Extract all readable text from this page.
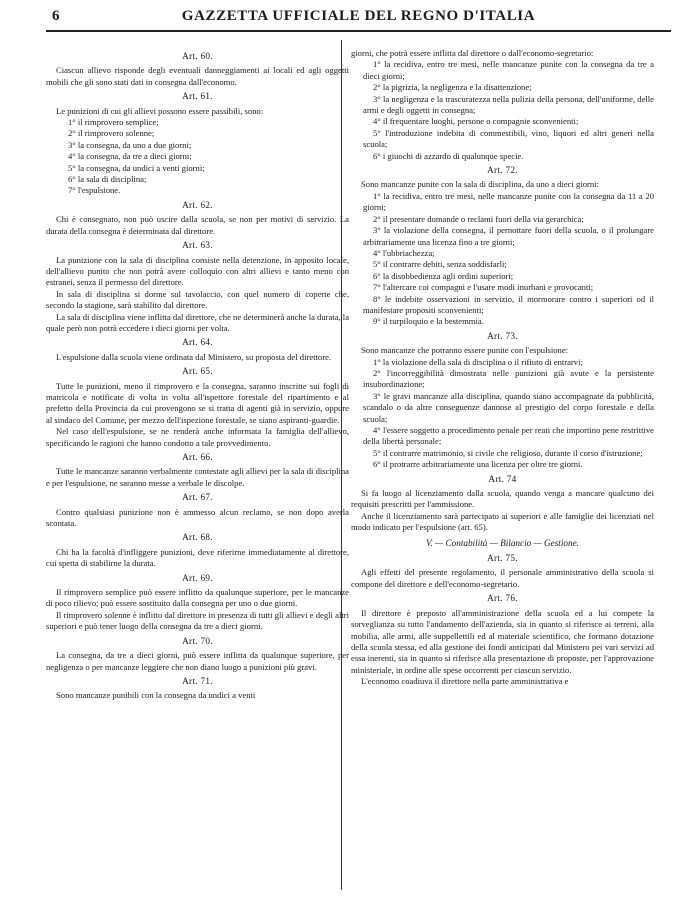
6	GAZZETTA UFFICIALE DEL REGNO D'ITALIA
Art. 60.

Ciascun allievo risponde degli eventuali danneggiamenti ai locali ed agli oggetti mobili che gli sono stati dati in consegna dall'economo.

Art. 61.

Le punizioni di cui gli allievi possono essere passibili, sono:

1° il rimprovero semplice;

2° il rimprovero solenne;

3° la consegna, da uno a due giorni;

4° la consegna, da tre a dieci giorni;

5° la consegna, da undici a venti giorni;

6° la sala di disciplina;

7° l'espulsione.

Art. 62.

Chi è consegnato, non può uscire dalla scuola, se non per motivi di servizio. La durata della consegna è determinata dal direttore.

Art. 63.

La punizione con la sala di disciplina consiste nella detenzione, in apposito locale, dell'allievo punito che non potrà avere colloquio con altri allievi e tanto meno con estranei, senza il permesso del direttore.

In sala di disciplina si dorme sul tavolaccio, con quel numero di coperte che, secondo la stagione, sarà stabilito dal direttore.

La sala di disciplina viene inflitta dal direttore, che ne determinerà anche la durata, la quale però non potrà eccedere i dieci giorni per volta.

Art. 64.

L'espulsione dalla scuola viene ordinata dal Ministero, su proposta del direttore.

Art. 65.

Tutte le punizioni, meno il rimprovero e la consegna, saranno inscritte sui fogli di matricola e notificate di volta in volta all'ispettore forestale del ripartimento e al prefetto della Provincia da cui provengono se si tratta di agenti già in servizio, oppure al sindaco del Comune, per mezzo dell'ispezione forestale, se siano aspiranti-guardie.

Nel caso dell'espulsione, se ne renderà anche informata la famiglia dell'allievo, specificando le ragioni che hanno condotto a tale provvedimento.

Art. 66.

Tutte le mancanze saranno verbalmente contestate agli allievi per la sala di disciplina e per l'espulsione, ne saranno messe a verbale le discolpe.

Art. 67.

Contro qualsiasi punizione non è ammesso alcun reclamo, se non dopo averla scontata.

Art. 68.

Chi ha la facoltà d'infliggere punizioni, deve riferirne immediatamente al direttore, cui spetta di stabilirne la durata.

Art. 69.

Il rimprovero semplice può essere inflitto da qualunque superiore, per le mancanze di poco rilievo; può essere sostituito dalla consegna per uno o due giorni.

Il rimprovero solenne è inflitto dal direttore in presenza di tutti gli allievi e degli altri superiori e può tener luogo della consegna da tre a dieci giorni.

Art. 70.

La consegna, da tre a dieci giorni, può essere inflitta da qualunque superiore, per negligenza o per mancanze leggiere che non diano luogo a punizioni più gravi.

Art. 71.

Sono mancanze punibili con la consegna da undici a venti

giorni, che potrà essere inflitta dal direttore o dall'economo-segretario:

1° la recidiva, entro tre mesi, nelle mancanze punite con la consegna da tre a dieci giorni;

2° la pigrizia, la negligenza e la disattenzione;

3° la negligenza e la trascuratezza nella pulizia della persona, dell'uniforme, delle armi e degli oggetti in consegna;

4° il frequentare luoghi, persone o compagnie sconvenienti;

5° l'introduzione indebita di commestibili, vino, liquori ed altri generi nella scuola;

6° i giuochi di azzardo di qualunque specie.

Art. 72.

Sono mancanze punite con la sala di disciplina, da uno a dieci giorni:

1° la recidiva, entro tre mesi, nelle mancanze punite con la consegna da 11 a 20 giorni;

2° il presentare domande o reclami fuori della via gerarchica;

3° la violazione della consegna, il pernottare fuori della scuola, o il prolungare arbitrariamente una licenza fino a tre giorni;

4° l'ubbriachezza;

5° il contrarre debiti, senza soddisfarli;

6° la disobbedienza agli ordini superiori;

7° l'altercare coi compagni e l'usare modi inurbani e provocanti;

8° le indebite osservazioni in servizio, il mormorare contro i superiori od il manifestare propositi sconvenienti;

9° il turpiloquio e la bestemmia.

Art. 73.

Sono mancanze che potranno essere punite con l'espulsione:

1° la violazione della sala di disciplina o il rifiuto di entrarvi;

2° l'incorreggibilità dimostrata nelle punizioni già avute e la persistente insubordinazione;

3° le gravi mancanze alla disciplina, quando siano accompagnate da pubblicità, scandalo o da altre conseguenze dannose al prestigio del corpo forestale e della scuola;

4° l'essere soggetto a procedimento penale per reati che importino pene restrittive della libertà personale;

5° il contrarre matrimonio, si civile che religioso, durante il corso d'istruzione;

6° il protrarre arbitrariamente una licenza per oltre tre giorni.

Art. 74

Si fa luogo al licenziamento dalla scuola, quando venga a mancare qualcuno dei requisiti prescritti per l'ammissione.

Anche il licenziamento sarà partecipato ai superiori e alle famiglie dei licenziati nel modo indicato per l'espulsione (art. 65).

V. — Contabilità — Bilancio — Gestione.
Art. 75.

Agli effetti del presente regolamento, il personale amministrativo della scuola si compone del direttore e dell'economo-segretario.

Art. 76.

Il direttore è preposto all'amministrazione della scuola ed a lui compete la sorveglianza su tutto l'andamento dell'azienda, sia in quanto si riferisce ai terreni, alla mobilia, alle armi, alle suppellettili ed al materiale scientifico, che formano dotazione della scuola stessa, ed alla gestione dei fondi anticipati dal Ministero pei vari servizi ad essa inerenti, sia in quanto si riferisce alla presentazione di proposte, per l'approvazione ministeriale, in ordine alle spese occorrenti per ciascun servizio.

L'economo coadiuva il direttore nella parte amministrativa e
